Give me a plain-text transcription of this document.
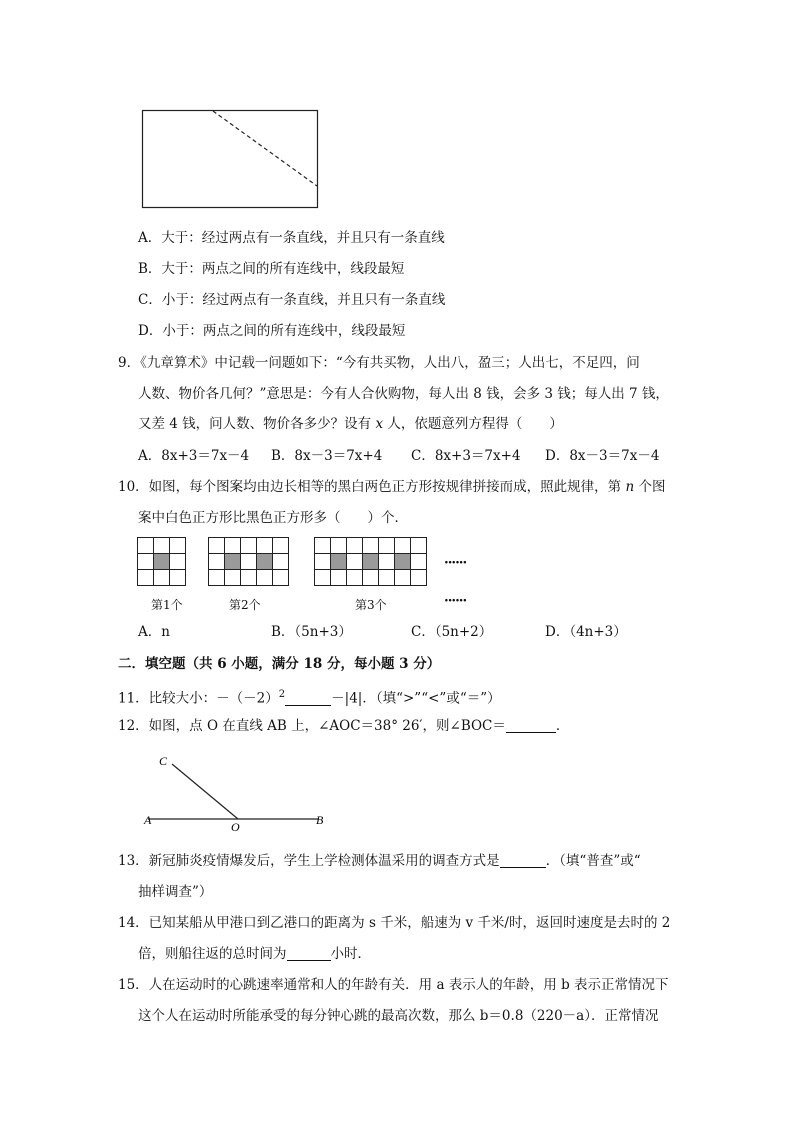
A．大于：经过两点有一条直线，并且只有一条直线
B．大于：两点之间的所有连线中，线段最短
C．小于：经过两点有一条直线，并且只有一条直线
D．小于：两点之间的所有连线中，线段最短
9．《九章算术》中记载一问题如下：“今有共买物，人出八，盈三；人出七，不足四，问
人数、物价各几何？”意思是：今有人合伙购物，每人出 8 钱，会多 3 钱；每人出 7 钱，
又差 4 钱，问人数、物价各多少？设有 x 人，依题意列方程得（　　）
A．8x+3＝7x－4 B．8x－3＝7x+4 C．8x+3＝7x+4 D．8x－3＝7x－4
10．如图，每个图案均由边长相等的黑白两色正方形按规律拼接而成，照此规律，第 n 个图
案中白色正方形比黑色正方形多（　　）个．

······
······
第1个	第2个	第3个
A．n	B．（5n+3）	C．（5n+2）	D．（4n+3）
二．填空题（共 6 小题，满分 18 分，每小题 3 分）
11．比较大小：$-(-2)^2$	－|4|．（填“>”“<”或“＝”）
12．如图，点 O 在直线 AB 上，∠AOC＝38° 26′，则∠BOC＝	．
C
A	O	B
13．新冠肺炎疫情爆发后，学生上学检测体温采用的调查方式是	．（填“普查”或“
抽样调查”）
14．已知某船从甲港口到乙港口的距离为 s 千米，船速为 v 千米/时，返回时速度是去时的 2
倍，则船往返的总时间为	小时．
15．人在运动时的心跳速率通常和人的年龄有关．用 a 表示人的年龄，用 b 表示正常情况下
这个人在运动时所能承受的每分钟心跳的最高次数，那么 b＝0.8（220－a）．正常情况
